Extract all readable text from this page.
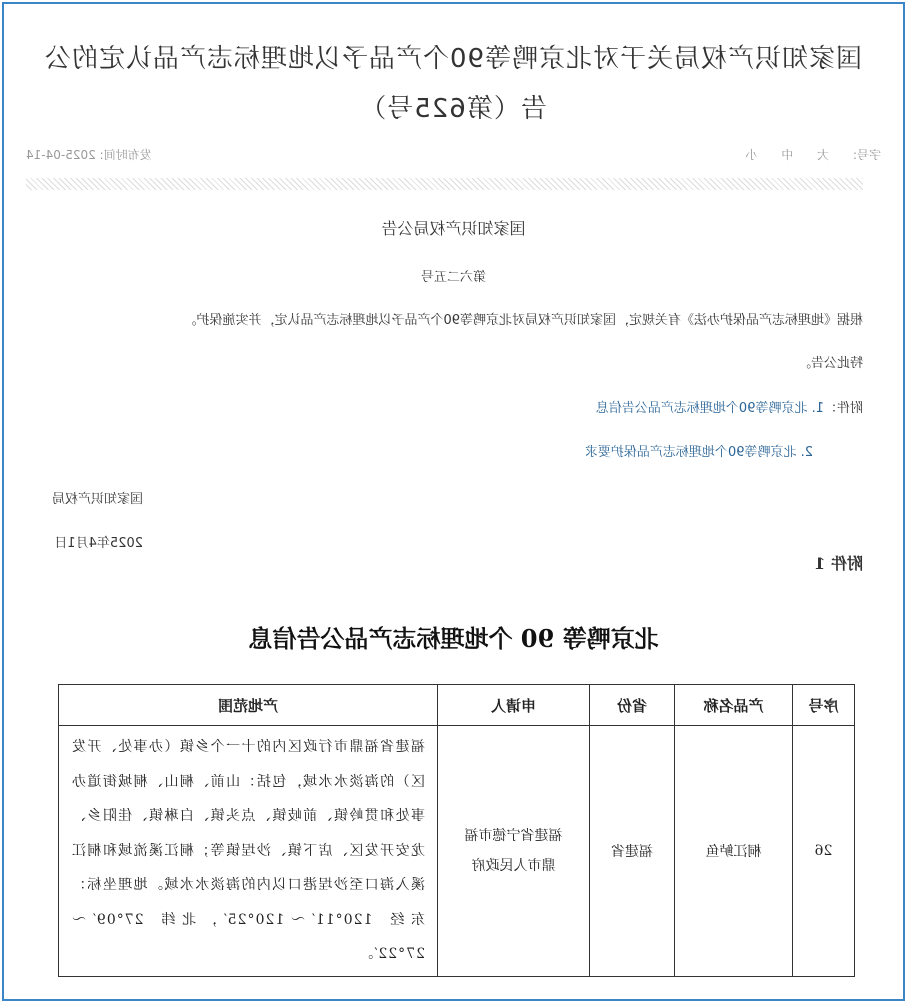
国家知识产权局关于对北京鸭等90个产品予以地理标志产品认定的公告（第625号）
字号: 大 中 小
发布时间: 2025-04-14
国家知识产权局公告
第六二五号
根据《地理标志产品保护办法》有关规定，国家知识产权局对北京鸭等90个产品予以地理标志产品认定，并实施保护。
特此公告。
附件：1. 北京鸭等90个地理标志产品公告信息
2. 北京鸭等90个地理标志产品保护要求
国家知识产权局
2025年4月1日
附件 1
北京鸭等 90 个地理标志产品公告信息
序号	产品名称	省份	申请人	产地范围
26	桐江鲈鱼	福建省	福建省宁德市福鼎市人民政府	福建省福鼎市行政区内的十一个乡镇（办事处、开发区）的海淡水水域，包括：山前、桐山、桐城街道办事处和贯岭镇、前岐镇、点头镇、白琳镇、佳阳乡、龙安开发区、店下镇、沙埕镇等；桐江溪流域和桐江溪入海口至沙埕港口以内的海淡水水域。地理坐标：东经 120°11′～120°25′，北纬 27°09′～27°22′。
